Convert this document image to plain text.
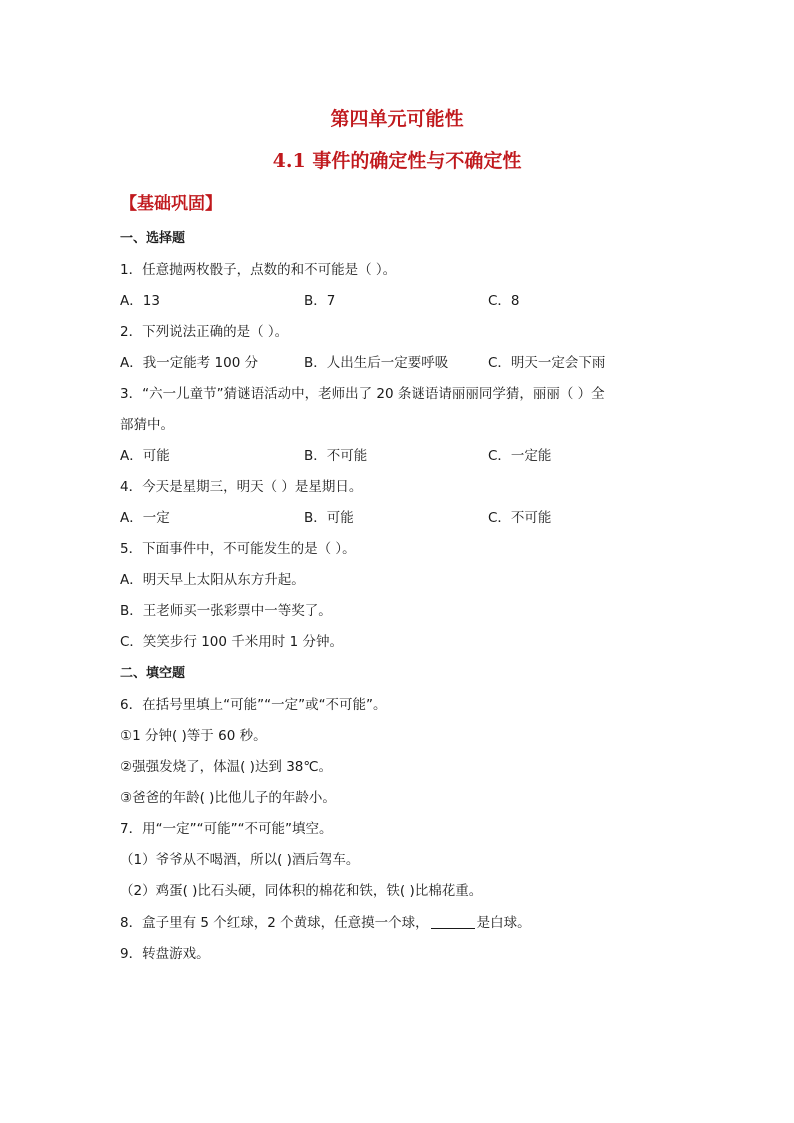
第四单元可能性
4.1 事件的确定性与不确定性
【基础巩固】
一、选择题
1．任意抛两枚骰子，点数的和不可能是（ ）。
A．13	B．7	C．8
2．下列说法正确的是（ ）。
A．我一定能考 100 分	B．人出生后一定要呼吸	C．明天一定会下雨
3．“六一儿童节”猜谜语活动中，老师出了 20 条谜语请丽丽同学猜，丽丽（ ）全
部猜中。
A．可能	B．不可能	C．一定能
4．今天是星期三，明天（ ）是星期日。
A．一定	B．可能	C．不可能
5．下面事件中，不可能发生的是（ ）。
A．明天早上太阳从东方升起。
B．王老师买一张彩票中一等奖了。
C．笑笑步行 100 千米用时 1 分钟。
二、填空题
6．在括号里填上“可能”“一定”或“不可能”。
①1 分钟( )等于 60 秒。
②强强发烧了，体温( )达到 38℃。
③爸爸的年龄( )比他儿子的年龄小。
7．用“一定”“可能”“不可能”填空。
（1）爷爷从不喝酒，所以( )酒后驾车。
（2）鸡蛋( )比石头硬，同体积的棉花和铁，铁( )比棉花重。
8．盒子里有 5 个红球，2 个黄球，任意摸一个球，	是白球。
9．转盘游戏。
